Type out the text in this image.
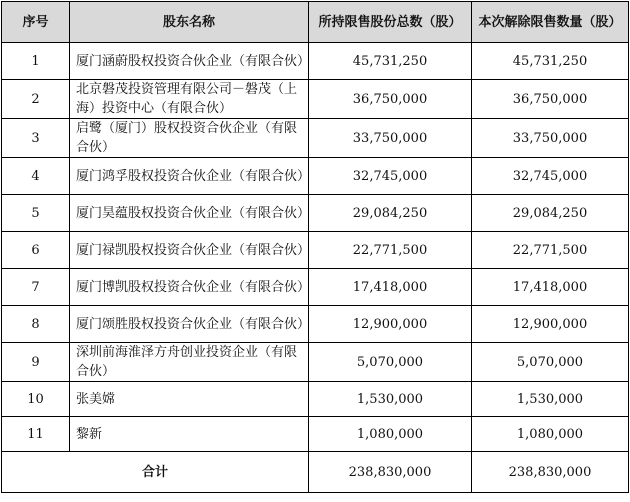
序号	股东名称	所持限售股份总数（股）	本次解除限售数量（股）
1	厦门涵蔚股权投资合伙企业（有限合伙）	45,731,250	45,731,250
2	北京磐茂投资管理有限公司－磐茂（上海）投资中心（有限合伙）	36,750,000	36,750,000
3	启鹭（厦门）股权投资合伙企业（有限合伙）	33,750,000	33,750,000
4	厦门鸿孚股权投资合伙企业（有限合伙）	32,745,000	32,745,000
5	厦门昊蕴股权投资合伙企业（有限合伙）	29,084,250	29,084,250
6	厦门禄凯股权投资合伙企业（有限合伙）	22,771,500	22,771,500
7	厦门博凯股权投资合伙企业（有限合伙）	17,418,000	17,418,000
8	厦门颂胜股权投资合伙企业（有限合伙）	12,900,000	12,900,000
9	深圳前海淮泽方舟创业投资企业（有限合伙）	5,070,000	5,070,000
10	张美嫦	1,530,000	1,530,000
11	黎新	1,080,000	1,080,000
合计		238,830,000	238,830,000
